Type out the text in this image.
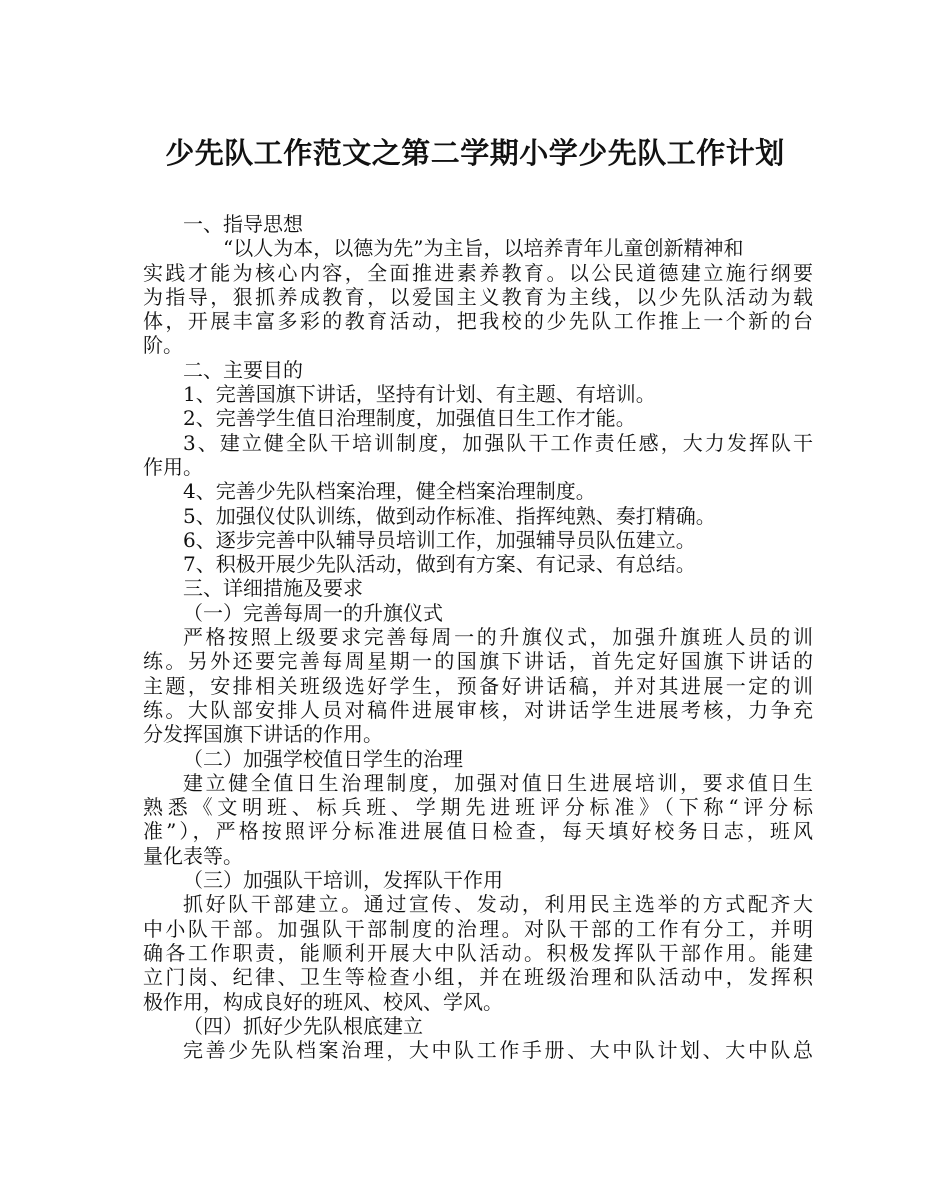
少先队工作范文之第二学期小学少先队工作计划
一、指导思想
“以人为本，以德为先”为主旨，以培养青年儿童创新精神和
实践才能为核心内容，全面推进素养教育。以公民道德建立施行纲要
为指导，狠抓养成教育，以爱国主义教育为主线，以少先队活动为载
体，开展丰富多彩的教育活动，把我校的少先队工作推上一个新的台
阶。
二、主要目的
1、完善国旗下讲话，坚持有计划、有主题、有培训。
2、完善学生值日治理制度，加强值日生工作才能。
3、建立健全队干培训制度，加强队干工作责任感，大力发挥队干
作用。
4、完善少先队档案治理，健全档案治理制度。
5、加强仪仗队训练，做到动作标准、指挥纯熟、奏打精确。
6、逐步完善中队辅导员培训工作，加强辅导员队伍建立。
7、积极开展少先队活动，做到有方案、有记录、有总结。
三、详细措施及要求
（一）完善每周一的升旗仪式
严格按照上级要求完善每周一的升旗仪式，加强升旗班人员的训
练。另外还要完善每周星期一的国旗下讲话，首先定好国旗下讲话的
主题，安排相关班级选好学生，预备好讲话稿，并对其进展一定的训
练。大队部安排人员对稿件进展审核，对讲话学生进展考核，力争充
分发挥国旗下讲话的作用。
（二）加强学校值日学生的治理
建立健全值日生治理制度，加强对值日生进展培训，要求值日生
熟悉《文明班、标兵班、学期先进班评分标准》（下称“评分标
准”），严格按照评分标准进展值日检查，每天填好校务日志，班风
量化表等。
（三）加强队干培训，发挥队干作用
抓好队干部建立。通过宣传、发动，利用民主选举的方式配齐大
中小队干部。加强队干部制度的治理。对队干部的工作有分工，并明
确各工作职责，能顺利开展大中队活动。积极发挥队干部作用。能建
立门岗、纪律、卫生等检查小组，并在班级治理和队活动中，发挥积
极作用，构成良好的班风、校风、学风。
（四）抓好少先队根底建立
完善少先队档案治理，大中队工作手册、大中队计划、大中队总
